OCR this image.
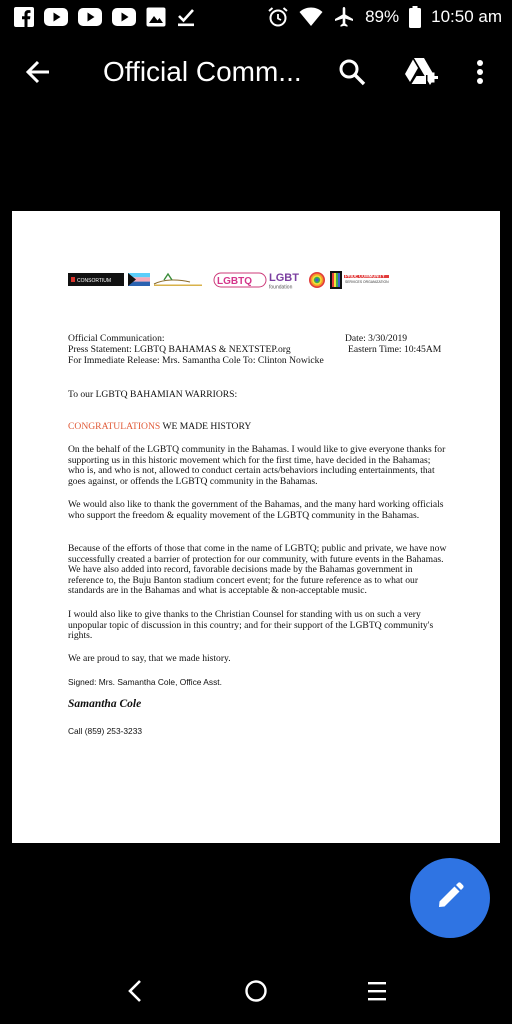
89% 10:50 am
Official Comm...
CONSORTIUM	LGBTQ LGBT
foundation
PRIDE COMMUNITY
SERVICES ORGANIZATION
Official Communication:
Press Statement: LGBTQ BAHAMAS & NEXTSTEP.org
For Immediate Release: Mrs. Samantha Cole To: Clinton Nowicke
Date: 3/30/2019
Eastern Time: 10:45AM
To our LGBTQ BAHAMIAN WARRIORS:
CONGRATULATIONS WE MADE HISTORY
On the behalf of the LGBTQ community in the Bahamas. I would like to give everyone thanks for supporting us in this historic movement which for the first time, have decided in the Bahamas; who is, and who is not, allowed to conduct certain acts/behaviors including entertainments, that goes against, or offends the LGBTQ community in the Bahamas.
We would also like to thank the government of the Bahamas, and the many hard working officials who support the freedom & equality movement of the LGBTQ community in the Bahamas.
Because of the efforts of those that come in the name of LGBTQ; public and private, we have now successfully created a barrier of protection for our community, with future events in the Bahamas. We have also added into record, favorable decisions made by the Bahamas government in reference to, the Buju Banton stadium concert event; for the future reference as to what our standards are in the Bahamas and what is acceptable & non-acceptable music.
I would also like to give thanks to the Christian Counsel for standing with us on such a very unpopular topic of discussion in this country; and for their support of the LGBTQ community's rights.
We are proud to say, that we made history.
Signed: Mrs. Samantha Cole, Office Asst.
Samantha Cole
Call (859) 253-3233
